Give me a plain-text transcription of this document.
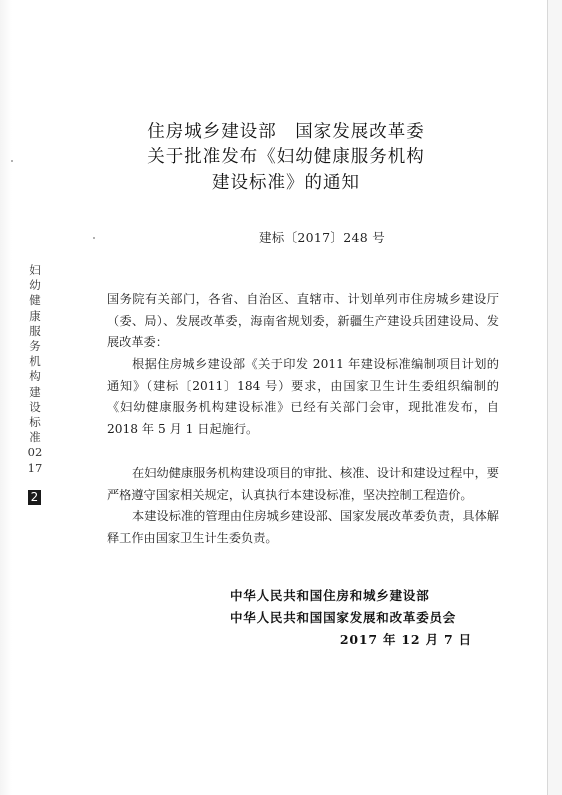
住房城乡建设部　国家发展改革委
关于批准发布《妇幼健康服务机构
建设标准》的通知
建标〔2017〕248 号

国务院有关部门，各省、自治区、直辖市、计划单列市住房城乡建设厅（委、局）、发展改革委，海南省规划委，新疆生产建设兵团建设局、发展改革委：

根据住房城乡建设部《关于印发 2011 年建设标准编制项目计划的通知》（建标〔2011〕184 号）要求，由国家卫生计生委组织编制的《妇幼健康服务机构建设标准》已经有关部门会审，现批准发布，自 2018 年 5 月 1 日起施行。

在妇幼健康服务机构建设项目的审批、核准、设计和建设过程中，要严格遵守国家相关规定，认真执行本建设标准，坚决控制工程造价。

本建设标准的管理由住房城乡建设部、国家发展改革委负责，具体解释工作由国家卫生计生委负责。

中华人民共和国住房和城乡建设部
中华人民共和国国家发展和改革委员会
2017 年 12 月 7 日
妇幼健康服务机构建设标准0217
2
